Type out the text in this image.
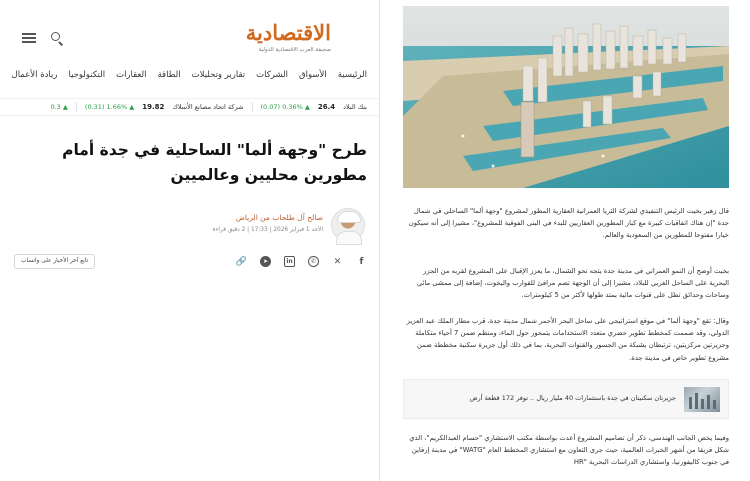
الاقتصادية
صحيفة العرب الاقتصادية الدولية
الرئيسية
الأسواق
الشركات
تقارير وتحليلات
الطاقة
العقارات
التكنولوجيا
ريادة الأعمال
بنك البلاد
26.4
▲ 0.36% (0.07)
شركة اتحاد مصانع الأسلاك
19.82
▲ 1.66% (0.31)
▲ 0.3
طرح "وجهة ألما" الساحلية في جدة أمام مطورين محليين وعالميين
صالح آل طلحاب من الرياض
الأحد 1 فبراير 2026 | 17:33 | 2 دقيق قراءة
f
✕
✆
in
➤
🔗
تابع آخر الأخبار على واتساب

قال زهير بخيت الرئيس التنفيذي لشركة الثريا العمرانية العقارية المطور لمشروع "وجهة ألما" الساحلي في شمال جدة "إن هناك اتفاقيات كبيرة مع كبار المطورين العقاريين للبدء في البنى الفوقية للمشروع"، مشيرا إلى أنه سيكون خيارا مفتوحا للمطورين من السعودية والعالم.

بخيت أوضح أن النمو العمراني في مدينة جدة يتجه نحو الشمال، ما يعزز الإقبال على المشروع لقربه من الجزر البحرية على الساحل الغربي للبلاد، مشيرا إلى أن الوجهة تضم مرافئ للقوارب واليخوت، إضافة إلى ممشى مائي وساحات وحدائق تطل على قنوات مائية يمتد طولها لأكثر من 5 كيلومترات.

وقال: تقع "وجهة ألما" في موقع استراتيجي على ساحل البحر الأحمر شمال مدينة جدة، قرب مطار الملك عبد العزيز الدولي، وقد صممت كمخطط تطوير حضري متعدد الاستخدامات يتمحور حول الماء، ومنظم ضمن 7 أحياء متكاملة وجزيرتين مركزيتين، ترتبطان بشبكة من الجسور والقنوات البحرية، بما في ذلك أول جزيرة سكنية مخططة ضمن مشروع تطوير خاص في مدينة جدة.

جزيرتان سكنيتان في جدة باستثمارات 40 مليار ريال .. توفر 172 قطعة أرض

وفيما يخص الجانب الهندسي، ذكر أن تصاميم المشروع أعدت بواسطة مكتب الاستشاري "حسام العبدالكريم"، الذي شكل فريقا من أشهر الخبرات العالمية، حيث جرى التعاون مع استشاري المخطط العام "WATG" في مدينة إرفاين في جنوب كاليفورنيا، واستشاري الدراسات البحرية "HR
